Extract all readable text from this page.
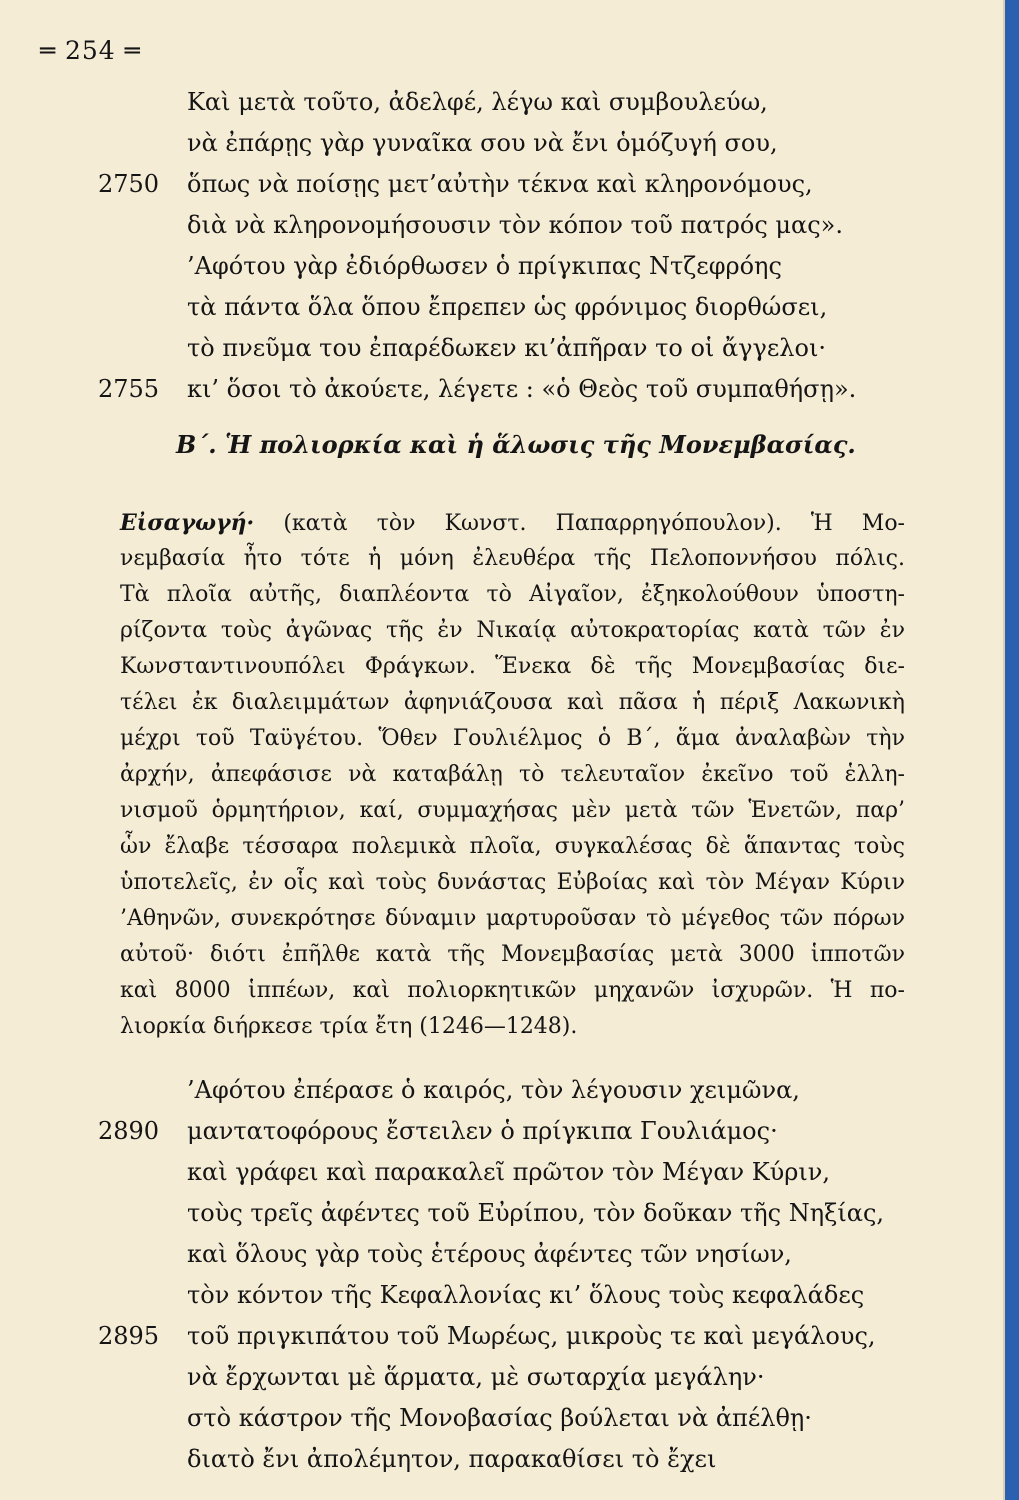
═ 254 ═
Καὶ μετὰ τοῦτο, ἀδελφέ, λέγω καὶ συμβουλεύω,
νὰ ἐπάρῃς γὰρ γυναῖκα σου νὰ ἔνι ὁμόζυγή σου,
2750	ὅπως νὰ ποίσῃς μετ’αὐτὴν τέκνα καὶ κληρονόμους,
διὰ νὰ κληρονομήσουσιν τὸν κόπον τοῦ πατρός μας».
’Αφότου γὰρ ἐδιόρθωσεν ὁ πρίγκιπας Ντζεφρόης
τὰ πάντα ὅλα ὅπου ἔπρεπεν ὡς φρόνιμος διορθώσει,
τὸ πνεῦμα του ἐπαρέδωκεν κι’ἀπῆραν το οἱ ἄγγελοι·
2755	κι’ ὅσοι τὸ ἀκούετε, λέγετε : «ὁ Θεὸς τοῦ συμπαθήσῃ».
Β΄. Ἡ πολιορκία καὶ ἡ ἅλωσις τῆς Μονεμβασίας.
Εἰσαγωγή· (κατὰ τὸν Κωνστ. Παπαρρηγόπουλον). Ἡ Μο-
νεμβασία ἦτο τότε ἡ μόνη ἐλευθέρα τῆς Πελοποννήσου πόλις.
Τὰ πλοῖα αὐτῆς, διαπλέοντα τὸ Αἰγαῖον, ἐξηκολούθουν ὑποστη-
ρίζοντα τοὺς ἀγῶνας τῆς ἐν Νικαίᾳ αὐτοκρατορίας κατὰ τῶν ἐν
Κωνσταντινουπόλει Φράγκων. Ἕνεκα δὲ τῆς Μονεμβασίας διε-
τέλει ἐκ διαλειμμάτων ἀφηνιάζουσα καὶ πᾶσα ἡ πέριξ Λακωνικὴ
μέχρι τοῦ Ταϋγέτου. Ὅθεν Γουλιέλμος ὁ Β΄, ἅμα ἀναλαβὼν τὴν
ἀρχήν, ἀπεφάσισε νὰ καταβάλῃ τὸ τελευταῖον ἐκεῖνο τοῦ ἑλλη-
νισμοῦ ὁρμητήριον, καί, συμμαχήσας μὲν μετὰ τῶν Ἑνετῶν, παρ’
ὧν ἔλαβε τέσσαρα πολεμικὰ πλοῖα, συγκαλέσας δὲ ἅπαντας τοὺς
ὑποτελεῖς, ἐν οἷς καὶ τοὺς δυνάστας Εὐβοίας καὶ τὸν Μέγαν Κύριν
’Αθηνῶν, συνεκρότησε δύναμιν μαρτυροῦσαν τὸ μέγεθος τῶν πόρων
αὐτοῦ· διότι ἐπῆλθε κατὰ τῆς Μονεμβασίας μετὰ 3000 ἱπποτῶν
καὶ 8000 ἱππέων, καὶ πολιορκητικῶν μηχανῶν ἰσχυρῶν. Ἡ πο-
λιορκία διήρκεσε τρία ἔτη (1246—1248).
’Αφότου ἐπέρασε ὁ καιρός, τὸν λέγουσιν χειμῶνα,
2890	μαντατοφόρους ἔστειλεν ὁ πρίγκιπα Γουλιάμος·
καὶ γράφει καὶ παρακαλεῖ πρῶτον τὸν Μέγαν Κύριν,
τοὺς τρεῖς ἀφέντες τοῦ Εὐρίπου, τὸν δοῦκαν τῆς Νηξίας,
καὶ ὅλους γὰρ τοὺς ἑτέρους ἀφέντες τῶν νησίων,
τὸν κόντον τῆς Κεφαλλονίας κι’ ὅλους τοὺς κεφαλάδες
2895	τοῦ πριγκιπάτου τοῦ Μωρέως, μικροὺς τε καὶ μεγάλους,
νὰ ἔρχωνται μὲ ἅρματα, μὲ σωταρχία μεγάλην·
στὸ κάστρον τῆς Μονοβασίας βούλεται νὰ ἀπέλθῃ·
διατὸ ἔνι ἀπολέμητον, παρακαθίσει τὸ ἔχει
